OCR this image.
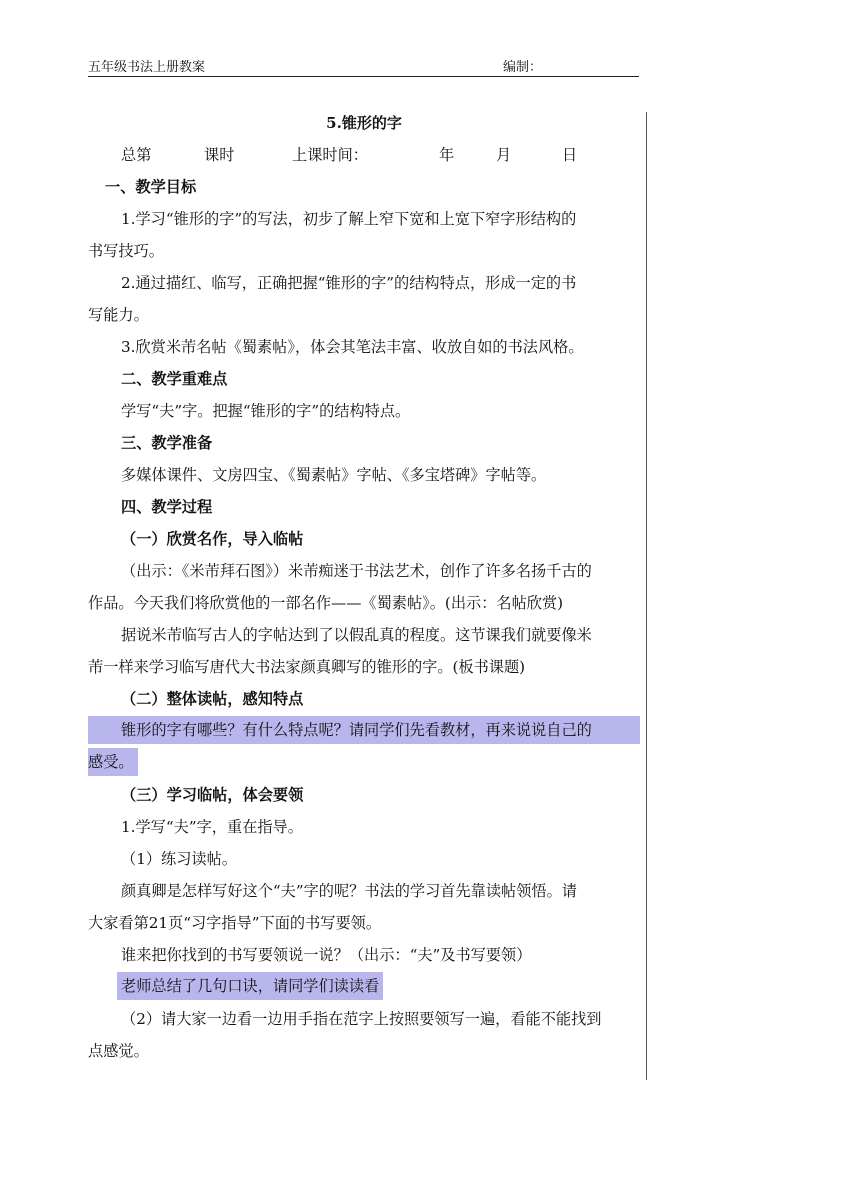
五年级书法上册教案	编制：
5.锥形的字
总第	课时	上课时间：	年	月	日
一、教学目标
1.学习“锥形的字”的写法，初步了解上窄下宽和上宽下窄字形结构的
书写技巧。
2.通过描红、临写，正确把握“锥形的字”的结构特点，形成一定的书
写能力。
3.欣赏米芾名帖《蜀素帖》，体会其笔法丰富、收放自如的书法风格。
二、教学重难点
学写“夫”字。把握“锥形的字”的结构特点。
三、教学准备
多媒体课件、文房四宝、《蜀素帖》字帖、《多宝塔碑》字帖等。
四、教学过程
（一）欣赏名作，导入临帖
（出示：《米芾拜石图》）米芾痴迷于书法艺术，创作了许多名扬千古的
作品。今天我们将欣赏他的一部名作——《蜀素帖》。(出示：名帖欣赏)
据说米芾临写古人的字帖达到了以假乱真的程度。这节课我们就要像米
芾一样来学习临写唐代大书法家颜真卿写的锥形的字。(板书课题)
（二）整体读帖，感知特点
锥形的字有哪些？有什么特点呢？请同学们先看教材，再来说说自己的
感受。
（三）学习临帖，体会要领
1.学写“夫”字，重在指导。
（1）练习读帖。
颜真卿是怎样写好这个“夫”字的呢？书法的学习首先靠读帖领悟。请
大家看第21页“习字指导”下面的书写要领。
谁来把你找到的书写要领说一说？（出示：“夫”及书写要领）
老师总结了几句口诀，请同学们读读看
（2）请大家一边看一边用手指在范字上按照要领写一遍，看能不能找到
点感觉。
